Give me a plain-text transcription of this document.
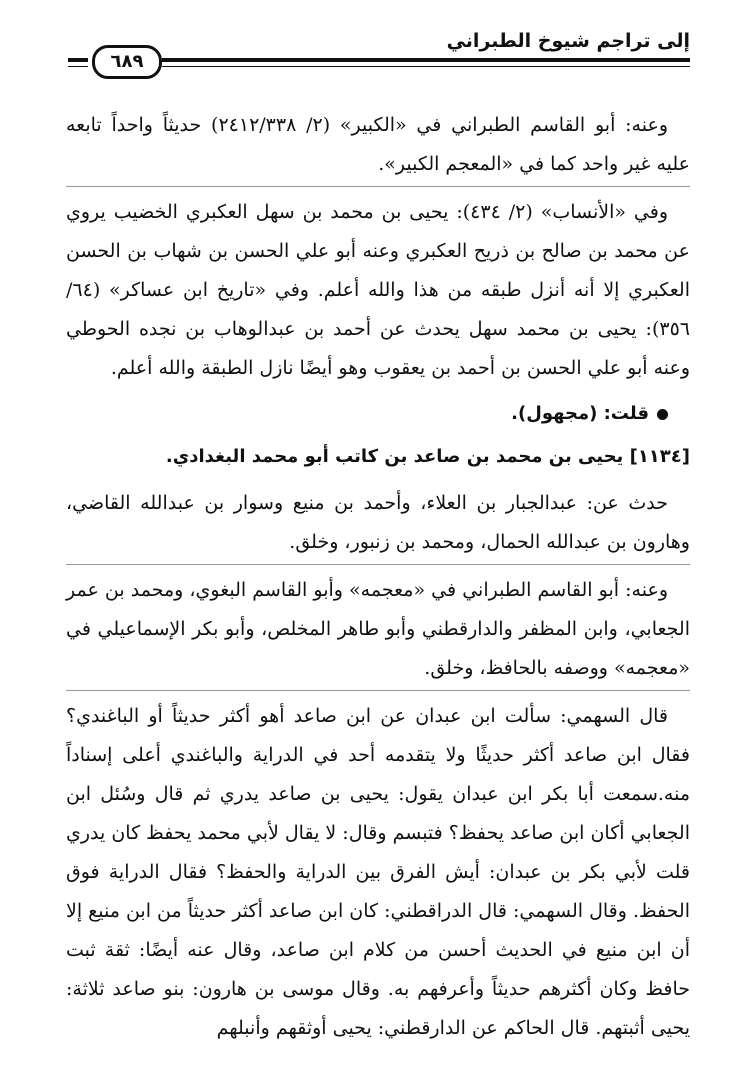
إلى تراجم شيوخ الطبراني
٦٨٩

وعنه: أبو القاسم الطبراني في «الكبير» (٢/ ٢٤١٢/٣٣٨) حديثاً واحداً تابعه عليه غير واحد كما في «المعجم الكبير».

وفي «الأنساب» (٢/ ٤٣٤): يحيى بن محمد بن سهل العكبري الخضيب يروي عن محمد بن صالح بن ذريح العكبري وعنه أبو علي الحسن بن شهاب بن الحسن العكبري إلا أنه أنزل طبقه من هذا والله أعلم. وفي «تاريخ ابن عساكر» (٦٤/ ٣٥٦): يحيى بن محمد سهل يحدث عن أحمد بن عبدالوهاب بن نجده الحوطي وعنه أبو علي الحسن بن أحمد بن يعقوب وهو أيضًا نازل الطبقة والله أعلم.

قلت: (مجهول).

[١١٣٤] يحيى بن محمد بن صاعد بن كاتب أبو محمد البغدادي.

حدث عن: عبدالجبار بن العلاء، وأحمد بن منيع وسوار بن عبدالله القاضي، وهارون بن عبدالله الحمال، ومحمد بن زنبور، وخلق.

وعنه: أبو القاسم الطبراني في «معجمه» وأبو القاسم البغوي، ومحمد بن عمر الجعابي، وابن المظفر والدارقطني وأبو طاهر المخلص، وأبو بكر الإسماعيلي في «معجمه» ووصفه بالحافظ، وخلق.

قال السهمي: سألت ابن عبدان عن ابن صاعد أهو أكثر حديثاً أو الباغندي؟ فقال ابن صاعد أكثر حديثًا ولا يتقدمه أحد في الدراية والباغندي أعلى إسناداً منه.سمعت أبا بكر ابن عبدان يقول: يحيى بن صاعد يدري ثم قال وسُئل ابن الجعابي أكان ابن صاعد يحفظ؟ فتبسم وقال: لا يقال لأبي محمد يحفظ كان يدري قلت لأبي بكر بن عبدان: أيش الفرق بين الدراية والحفظ؟ فقال الدراية فوق الحفظ. وقال السهمي: قال الدراقطني: كان ابن صاعد أكثر حديثاً من ابن منيع إلا أن ابن منيع في الحديث أحسن من كلام ابن صاعد، وقال عنه أيضًا: ثقة ثبت حافظ وكان أكثرهم حديثاً وأعرفهم به. وقال موسى بن هارون: بنو صاعد ثلاثة: يحيى أثبتهم. قال الحاكم عن الدارقطني: يحيى أوثقهم وأنبلهم
